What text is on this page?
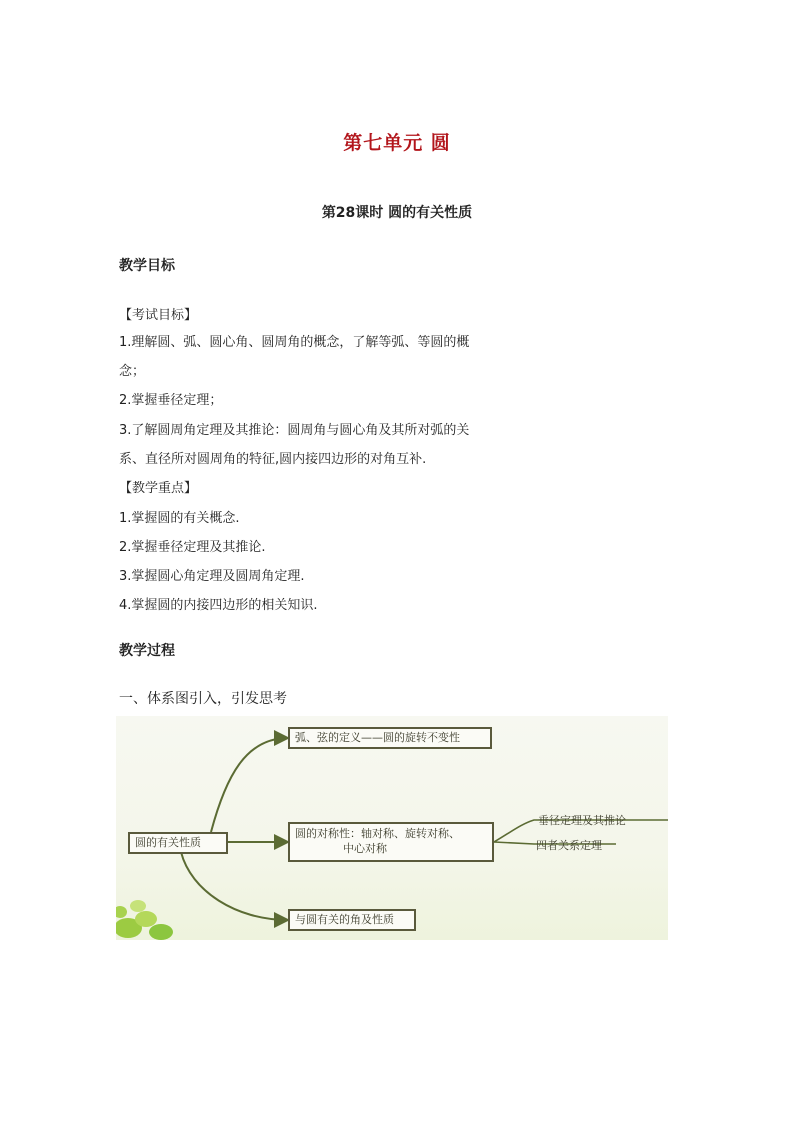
第七单元 圆
第28课时 圆的有关性质
教学目标
【考试目标】
1.理解圆、弧、圆心角、圆周角的概念，了解等弧、等圆的概
念；
2.掌握垂径定理；
3.了解圆周角定理及其推论：圆周角与圆心角及其所对弧的关
系、直径所对圆周角的特征,圆内接四边形的对角互补.
【教学重点】
1.掌握圆的有关概念.
2.掌握垂径定理及其推论.
3.掌握圆心角定理及圆周角定理.
4.掌握圆的内接四边形的相关知识.
教学过程
一、体系图引入，引发思考
圆的有关性质
弧、弦的定义——圆的旋转不变性
圆的对称性：轴对称、旋转对称、
中心对称
与圆有关的角及性质
垂径定理及其推论
四者关系定理
